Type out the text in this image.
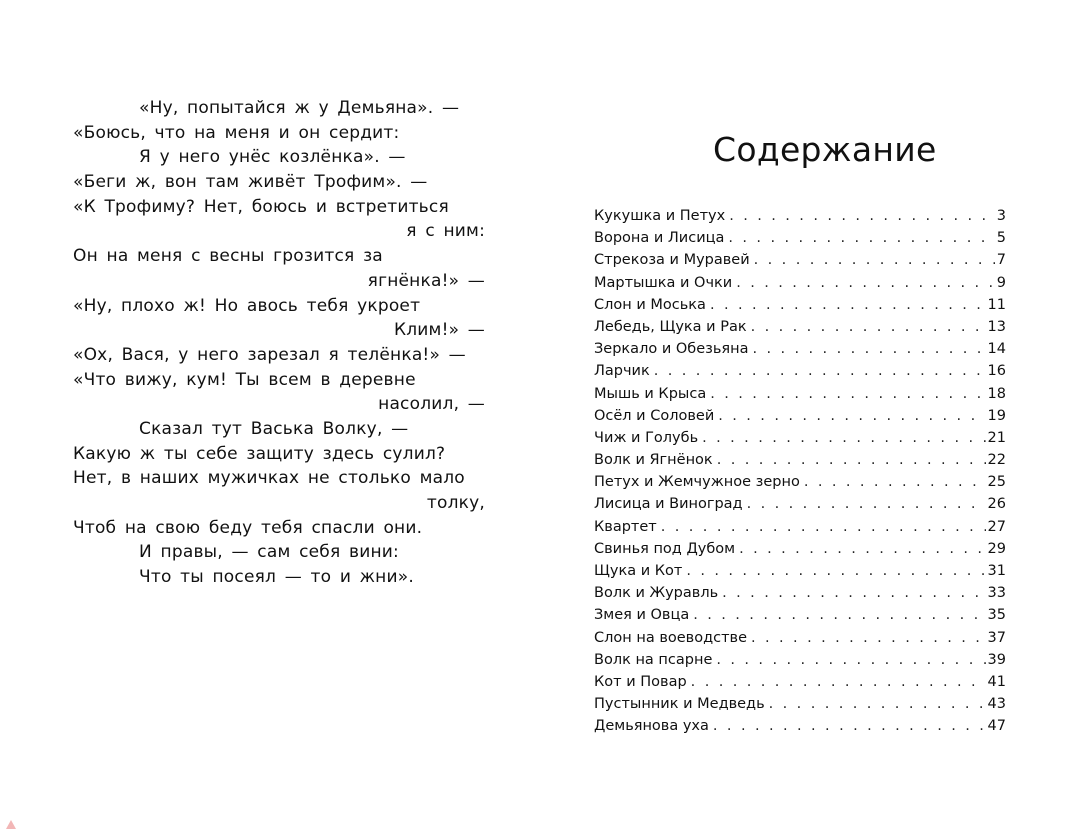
«Ну, попытайся ж у Демьяна». —
«Боюсь, что на меня и он сердит:
Я у него унёс козлёнка». —
«Беги ж, вон там живёт Трофим». —
«К Трофиму? Нет, боюсь и встретиться
я с ним:
Он на меня с весны грозится за
ягнёнка!» —
«Ну, плохо ж! Но авось тебя укроет
Клим!» —
«Ох, Вася, у него зарезал я телёнка!» —
«Что вижу, кум! Ты всем в деревне
насолил, —
Сказал тут Васька Волку, —
Какую ж ты себе защиту здесь сулил?
Нет, в наших мужичках не столько мало
толку,
Чтоб на свою беду тебя спасли они.
И правы, — сам себя вини:
Что ты посеял — то и жни».
Содержание
Кукушка и Петух . . .	3
Ворона и Лисица . . .	5
Стрекоза и Муравей . . .	7
Мартышка и Очки . . .	9
Слон и Моська . . .	11
Лебедь, Щука и Рак . . .	13
Зеркало и Обезьяна . . .	14
Ларчик . . .	16
Мышь и Крыса . . .	18
Осёл и Соловей . . .	19
Чиж и Голубь . . .	21
Волк и Ягнёнок . . .	22
Петух и Жемчужное зерно . . .	25
Лисица и Виноград . . .	26
Квартет . . .	27
Свинья под Дубом . . .	29
Щука и Кот . . .	31
Волк и Журавль . . .	33
Змея и Овца . . .	35
Слон на воеводстве . . .	37
Волк на псарне . . .	39
Кот и Повар . . .	41
Пустынник и Медведь . . .	43
Демьянова уха . . .	47
